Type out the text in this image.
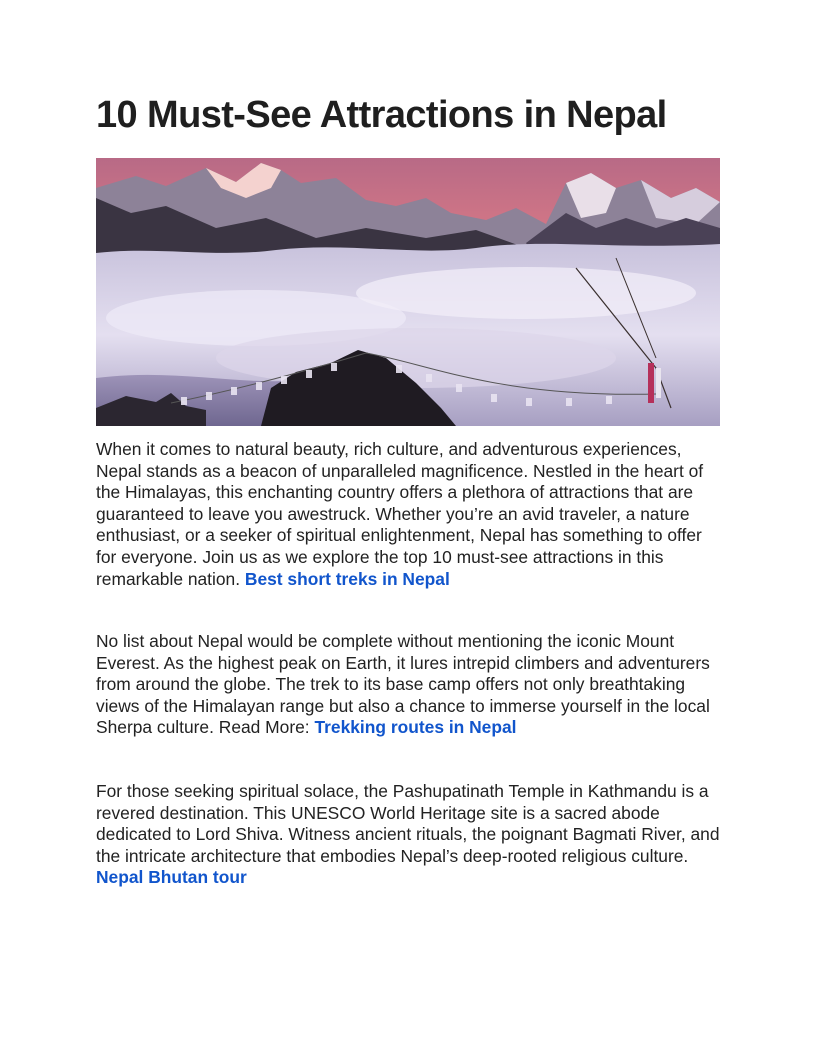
10 Must-See Attractions in Nepal

When it comes to natural beauty, rich culture, and adventurous experiences, Nepal stands as a beacon of unparalleled magnificence. Nestled in the heart of the Himalayas, this enchanting country offers a plethora of attractions that are guaranteed to leave you awestruck. Whether you’re an avid traveler, a nature enthusiast, or a seeker of spiritual enlightenment, Nepal has something to offer for everyone. Join us as we explore the top 10 must-see attractions in this remarkable nation. Best short treks in Nepal

No list about Nepal would be complete without mentioning the iconic Mount Everest. As the highest peak on Earth, it lures intrepid climbers and adventurers from around the globe. The trek to its base camp offers not only breathtaking views of the Himalayan range but also a chance to immerse yourself in the local Sherpa culture. Read More: Trekking routes in Nepal

For those seeking spiritual solace, the Pashupatinath Temple in Kathmandu is a revered destination. This UNESCO World Heritage site is a sacred abode dedicated to Lord Shiva. Witness ancient rituals, the poignant Bagmati River, and the intricate architecture that embodies Nepal’s deep-rooted religious culture. Nepal Bhutan tour
